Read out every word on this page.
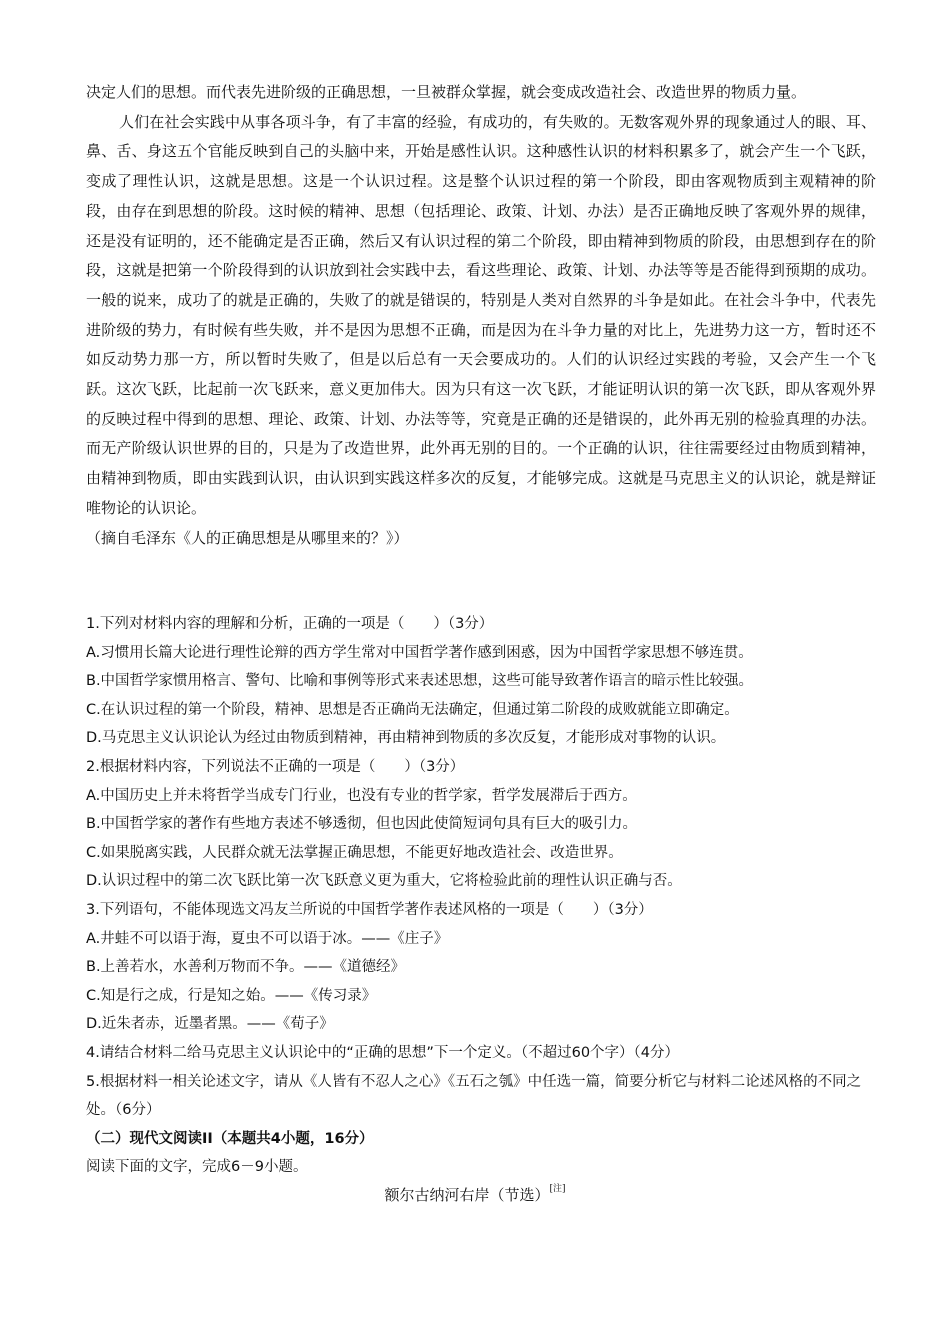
决定人们的思想。而代表先进阶级的正确思想，一旦被群众掌握，就会变成改造社会、改造世界的物质力量。

人们在社会实践中从事各项斗争，有了丰富的经验，有成功的，有失败的。无数客观外界的现象通过人的眼、耳、鼻、舌、身这五个官能反映到自己的头脑中来，开始是感性认识。这种感性认识的材料积累多了，就会产生一个飞跃，变成了理性认识，这就是思想。这是一个认识过程。这是整个认识过程的第一个阶段，即由客观物质到主观精神的阶段，由存在到思想的阶段。这时候的精神、思想（包括理论、政策、计划、办法）是否正确地反映了客观外界的规律，还是没有证明的，还不能确定是否正确，然后又有认识过程的第二个阶段，即由精神到物质的阶段，由思想到存在的阶段，这就是把第一个阶段得到的认识放到社会实践中去，看这些理论、政策、计划、办法等等是否能得到预期的成功。一般的说来，成功了的就是正确的，失败了的就是错误的，特别是人类对自然界的斗争是如此。在社会斗争中，代表先进阶级的势力，有时候有些失败，并不是因为思想不正确，而是因为在斗争力量的对比上，先进势力这一方，暂时还不如反动势力那一方，所以暂时失败了，但是以后总有一天会要成功的。人们的认识经过实践的考验，又会产生一个飞跃。这次飞跃，比起前一次飞跃来，意义更加伟大。因为只有这一次飞跃，才能证明认识的第一次飞跃，即从客观外界的反映过程中得到的思想、理论、政策、计划、办法等等，究竟是正确的还是错误的，此外再无别的检验真理的办法。而无产阶级认识世界的目的，只是为了改造世界，此外再无别的目的。一个正确的认识，往往需要经过由物质到精神，由精神到物质，即由实践到认识，由认识到实践这样多次的反复，才能够完成。这就是马克思主义的认识论，就是辩证唯物论的认识论。

（摘自毛泽东《人的正确思想是从哪里来的？》）

1.下列对材料内容的理解和分析，正确的一项是（　　）（3分）
A.习惯用长篇大论进行理性论辩的西方学生常对中国哲学著作感到困惑，因为中国哲学家思想不够连贯。
B.中国哲学家惯用格言、警句、比喻和事例等形式来表述思想，这些可能导致著作语言的暗示性比较强。
C.在认识过程的第一个阶段，精神、思想是否正确尚无法确定，但通过第二阶段的成败就能立即确定。
D.马克思主义认识论认为经过由物质到精神，再由精神到物质的多次反复，才能形成对事物的认识。
2.根据材料内容，下列说法不正确的一项是（　　）（3分）
A.中国历史上并未将哲学当成专门行业，也没有专业的哲学家，哲学发展滞后于西方。
B.中国哲学家的著作有些地方表述不够透彻，但也因此使简短词句具有巨大的吸引力。
C.如果脱离实践，人民群众就无法掌握正确思想，不能更好地改造社会、改造世界。
D.认识过程中的第二次飞跃比第一次飞跃意义更为重大，它将检验此前的理性认识正确与否。
3.下列语句，不能体现选文冯友兰所说的中国哲学著作表述风格的一项是（　　）（3分）
A.井蛙不可以语于海，夏虫不可以语于冰。——《庄子》
B.上善若水，水善利万物而不争。——《道德经》
C.知是行之成，行是知之始。——《传习录》
D.近朱者赤，近墨者黑。——《荀子》
4.请结合材料二给马克思主义认识论中的“正确的思想”下一个定义。（不超过60个字）（4分）
5.根据材料一相关论述文字，请从《人皆有不忍人之心》《五石之瓠》中任选一篇，简要分析它与材料二论述风格的不同之处。（6分）
（二）现代文阅读II（本题共4小题，16分）
阅读下面的文字，完成6－9小题。
额尔古纳河右岸（节选）[注]
